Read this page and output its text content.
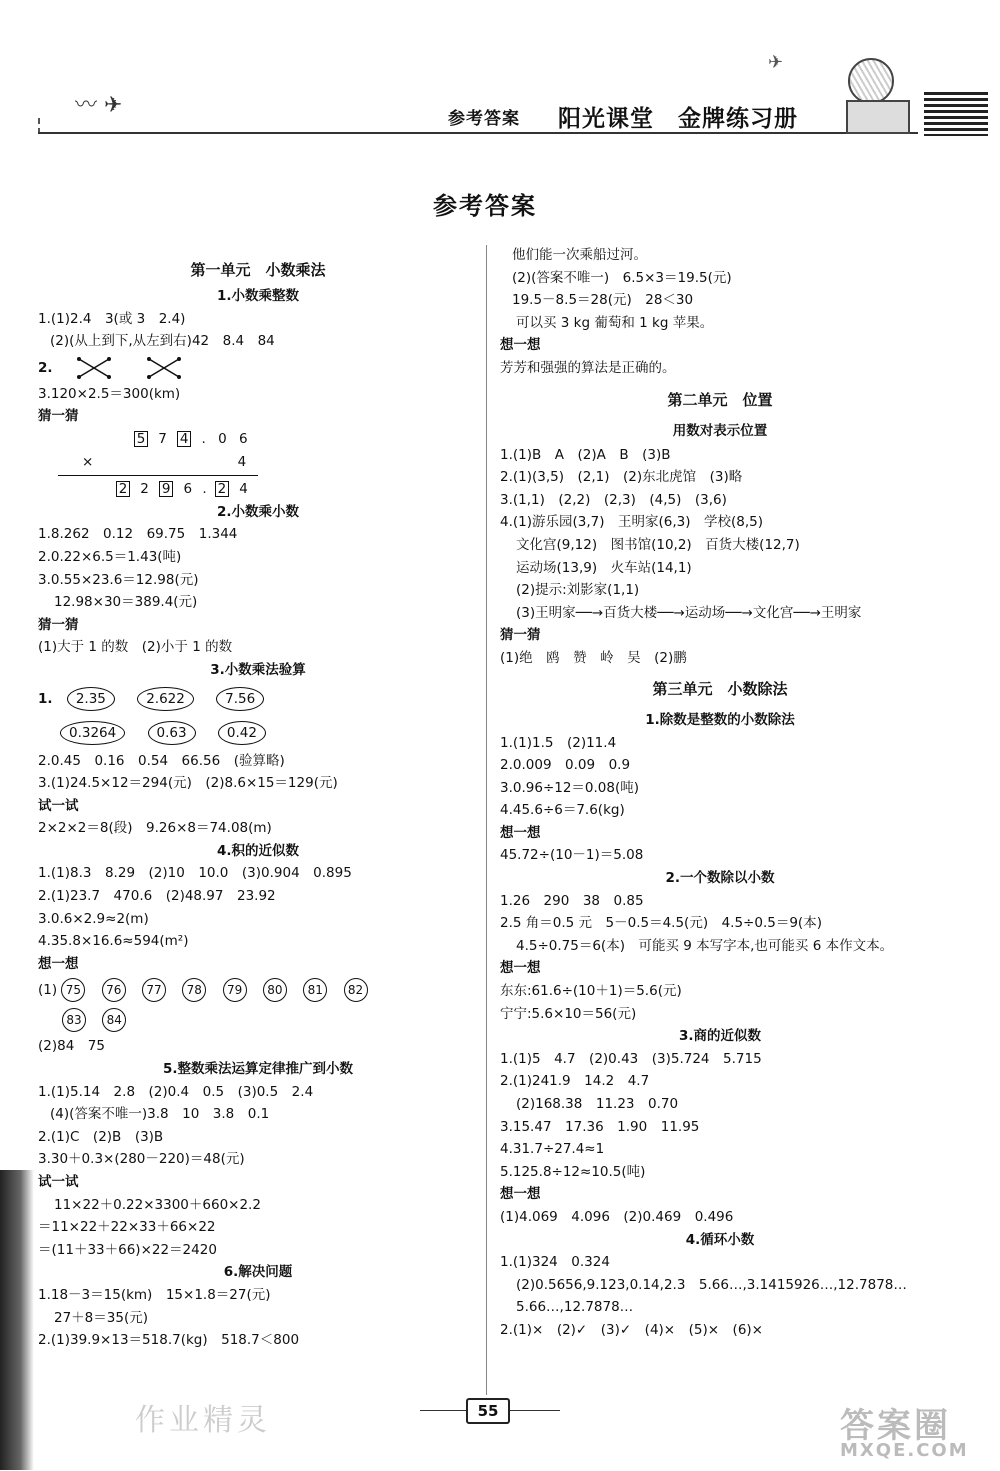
〰 ✈
参考答案 阳光课堂　金牌练习册
✈
参考答案
第一单元　小数乘法
1.小数乘整数
1.(1)2.4　3(或 3　2.4)
(2)(从上到下,从左到右)42　8.4　84
2.
3.120×2.5＝300(km)
猜一猜
5 7 4 . 0 6
×	4
2 2 9 6 . 2 4
2.小数乘小数
1.8.262　0.12　69.75　1.344
2.0.22×6.5＝1.43(吨)
3.0.55×23.6＝12.98(元)
12.98×30＝389.4(元)
猜一猜
(1)大于 1 的数　(2)小于 1 的数
3.小数乘法验算
1. 2.35	2.622	7.56
0.3264	0.63	0.42
2.0.45　0.16　0.54　66.56　(验算略)
3.(1)24.5×12＝294(元)　(2)8.6×15＝129(元)
试一试
2×2×2＝8(段)　9.26×8＝74.08(m)
4.积的近似数
1.(1)8.3　8.29　(2)10　10.0　(3)0.904　0.895
2.(1)23.7　470.6　(2)48.97　23.92
3.0.6×2.9≈2(m)
4.35.8×16.6≈594(m²)
想一想
(1) 75 76 77 78 79 80 81 82
83 84
(2)84　75
5.整数乘法运算定律推广到小数
1.(1)5.14　2.8　(2)0.4　0.5　(3)0.5　2.4
(4)(答案不唯一)3.8　10　3.8　0.1
2.(1)C　(2)B　(3)B
3.30＋0.3×(280－220)＝48(元)
试一试
11×22＋0.22×3300＋660×2.2
＝11×22＋22×33＋66×22
＝(11＋33＋66)×22＝2420
6.解决问题
1.18－3＝15(km)　15×1.8＝27(元)
27＋8＝35(元)
2.(1)39.9×13＝518.7(kg)　518.7＜800
他们能一次乘船过河。
(2)(答案不唯一)　6.5×3＝19.5(元)
19.5－8.5＝28(元)　28＜30
可以买 3 kg 葡萄和 1 kg 苹果。
想一想
芳芳和强强的算法是正确的。
第二单元　位置
用数对表示位置
1.(1)B　A　(2)A　B　(3)B
2.(1)(3,5)　(2,1)　(2)东北虎馆　(3)略
3.(1,1)　(2,2)　(2,3)　(4,5)　(3,6)
4.(1)游乐园(3,7)　王明家(6,3)　学校(8,5)
文化宫(9,12)　图书馆(10,2)　百货大楼(12,7)
运动场(13,9)　火车站(14,1)
(2)提示:刘影家(1,1)
(3)王明家──→百货大楼──→运动场──→文化宫──→王明家
猜一猜
(1)绝　鸥　赞　岭　吴　(2)鹏
第三单元　小数除法
1.除数是整数的小数除法
1.(1)1.5　(2)11.4
2.0.009　0.09　0.9
3.0.96÷12＝0.08(吨)
4.45.6÷6＝7.6(kg)
想一想
45.72÷(10－1)＝5.08
2.一个数除以小数
1.26　290　38　0.85
2.5 角＝0.5 元　5－0.5＝4.5(元)　4.5÷0.5＝9(本)
4.5÷0.75＝6(本)　可能买 9 本写字本,也可能买 6 本作文本。
想一想
东东:61.6÷(10＋1)＝5.6(元)
宁宁:5.6×10＝56(元)
3.商的近似数
1.(1)5　4.7　(2)0.43　(3)5.724　5.715
2.(1)241.9　14.2　4.7
(2)168.38　11.23　0.70
3.15.47　17.36　1.90　11.95
4.31.7÷27.4≈1
5.125.8÷12≈10.5(吨)
想一想
(1)4.069　4.096　(2)0.469　0.496
4.循环小数
1.(1)324　0.324
(2)0.5656,9.123,0.14,2.3　5.66…,3.1415926…,12.7878…
5.66…,12.7878…
2.(1)×　(2)✓　(3)✓　(4)×　(5)×　(6)×
55
作业精灵	答案圈
MXQE.COM
